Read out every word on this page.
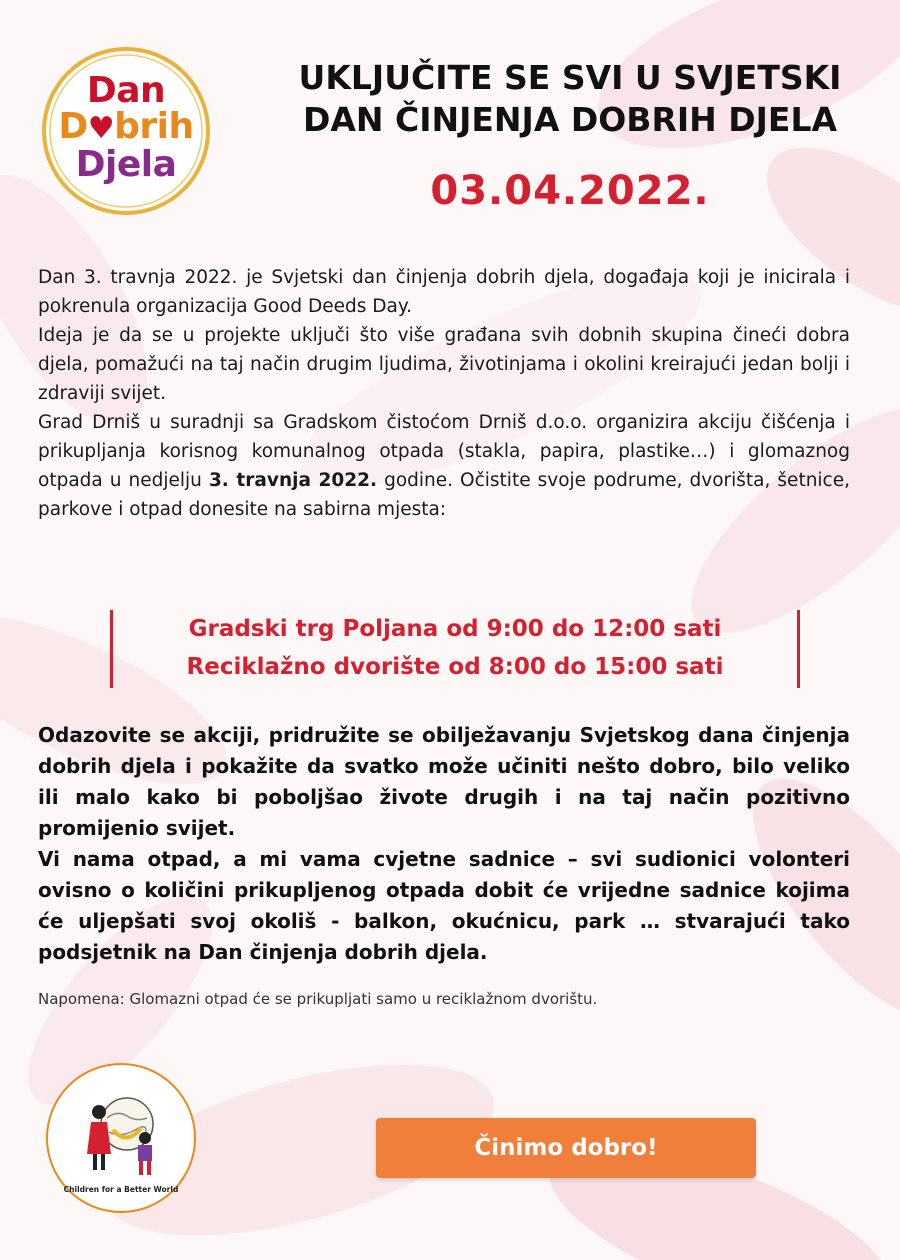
Dan
D♥brih
Djela
UKLJUČITE SE SVI U SVJETSKI
DAN ČINJENJA DOBRIH DJELA
03.04.2022.

Dan 3. travnja 2022. je Svjetski dan činjenja dobrih djela, događaja koji je inicirala i pokrenula organizacija Good Deeds Day.

Ideja je da se u projekte uključi što više građana svih dobnih skupina čineći dobra djela, pomažući na taj način drugim ljudima, životinjama i okolini kreirajući jedan bolji i zdraviji svijet.

Grad Drniš u suradnji sa Gradskom čistoćom Drniš d.o.o. organizira akciju čišćenja i prikupljanja korisnog komunalnog otpada (stakla, papira, plastike…) i glomaznog otpada u nedjelju 3. travnja 2022. godine. Očistite svoje podrume, dvorišta, šetnice, parkove i otpad donesite na sabirna mjesta:

Gradski trg Poljana od 9:00 do 12:00 sati
Reciklažno dvorište od 8:00 do 15:00 sati

Odazovite se akciji, pridružite se obilježavanju Svjetskog dana činjenja dobrih djela i pokažite da svatko može učiniti nešto dobro, bilo veliko ili malo kako bi poboljšao živote drugih i na taj način pozitivno promijenio svijet.

Vi nama otpad, a mi vama cvjetne sadnice – svi sudionici volonteri ovisno o količini prikupljenog otpada dobit će vrijedne sadnice kojima će uljepšati svoj okoliš - balkon, okućnicu, park … stvarajući tako podsjetnik na Dan činjenja dobrih djela.

Napomena: Glomazni otpad će se prikupljati samo u reciklažnom dvorištu.
Children for a Better World
Činimo dobro!
